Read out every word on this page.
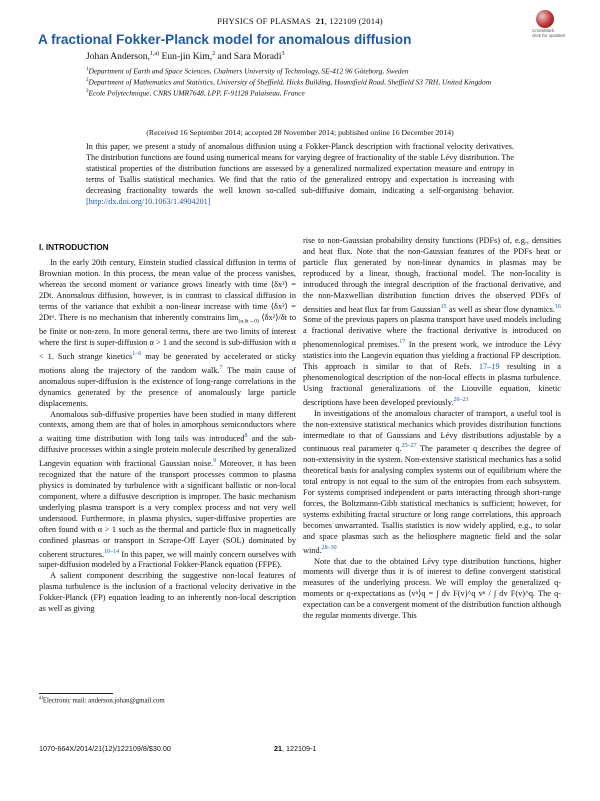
PHYSICS OF PLASMAS 21, 122109 (2014)
CrossMark
click for updates
A fractional Fokker-Planck model for anomalous diffusion
Johan Anderson,$^{1,a)}$ Eun-jin Kim,$^2$ and Sara Moradi$^3$
$^1$Department of Earth and Space Sciences, Chalmers University of Technology, SE-412 96 Göteborg, Sweden
$^2$Department of Mathematics and Statistics, University of Sheffield, Hicks Building, Hounsfield Road, Sheffield S3 7RH, United Kingdom
$^3$Ecole Polytechnique, CNRS UMR7648, LPP, F-91128 Palaiseau, France
(Received 16 September 2014; accepted 28 November 2014; published online 16 December 2014)
In this paper, we present a study of anomalous diffusion using a Fokker-Planck description with fractional velocity derivatives. The distribution functions are found using numerical means for varying degree of fractionality of the stable Lévy distribution. The statistical properties of the distribution functions are assessed by a generalized normalized expectation measure and entropy in terms of Tsallis statistical mechanics. We find that the ratio of the generalized entropy and expectation is increasing with decreasing fractionality towards the well known so-called sub-diffusive domain, indicating a self-organising behavior. [http://dx.doi.org/10.1063/1.4904201]
I. INTRODUCTION

In the early 20th century, Einstein studied classical diffusion in terms of Brownian motion. In this process, the mean value of the process vanishes, whereas the second moment or variance grows linearly with time ⟨δx²⟩ = 2Dt. Anomalous diffusion, however, is in contrast to classical diffusion in terms of the variance that exhibit a non-linear increase with time ⟨δx²⟩ = 2Dtᵅ. There is no mechanism that inherently constrains $\lim_{(\alpha,\delta t\to 0)}$ ⟨δx²⟩/δt to be finite or non-zero. In more general terms, there are two limits of interest where the first is super-diffusion α > 1 and the second is sub-diffusion with α < 1. Such strange kinetics$^{1-6}$ may be generated by accelerated or sticky motions along the trajectory of the random walk.$^7$ The main cause of anomalous super-diffusion is the existence of long-range correlations in the dynamics generated by the presence of anomalously large particle displacements.

Anomalous sub-diffusive properties have been studied in many different contexts, among them are that of holes in amorphous semiconductors where a waiting time distribution with long tails was introduced$^8$ and the sub-diffusive processes within a single protein molecule described by generalized Langevin equation with fractional Gaussian noise.$^9$ Moreover, it has been recognized that the nature of the transport processes common to plasma physics is dominated by turbulence with a significant ballistic or non-local component, where a diffusive description is improper. The basic mechanism underlying plasma transport is a very complex process and not very well understood. Furthermore, in plasma physics, super-diffusive properties are often found with α > 1 such as the thermal and particle flux in magnetically confined plasmas or transport in Scrape-Off Layer (SOL) dominated by coherent structures.$^{10-14}$ In this paper, we will mainly concern ourselves with super-diffusion modeled by a Fractional Fokker-Planck equation (FFPE).

A salient component describing the suggestive non-local features of plasma turbulence is the inclusion of a fractional velocity derivative in the Fokker-Planck (FP) equation leading to an inherently non-local description as well as giving

rise to non-Gaussian probability density functions (PDFs) of, e.g., densities and heat flux. Note that the non-Gaussian features of the PDFs heat or particle flux generated by non-linear dynamics in plasmas may be reproduced by a linear, though, fractional model. The non-locality is introduced through the integral description of the fractional derivative, and the non-Maxwellian distribution function drives the observed PDFs of densities and heat flux far from Gaussian$^{15}$ as well as shear flow dynamics.$^{16}$ Some of the previous papers on plasma transport have used models including a fractional derivative where the fractional derivative is introduced on phenomenological premises.$^{17}$ In the present work, we introduce the Lévy statistics into the Langevin equation thus yielding a fractional FP description. This approach is similar to that of Refs. 17–19 resulting in a phenomenological description of the non-local effects in plasma turbulence. Using fractional generalizations of the Liouville equation, kinetic descriptions have been developed previously.$^{20-23}$

In investigations of the anomalous character of transport, a useful tool is the non-extensive statistical mechanics which provides distribution functions intermediate to that of Gaussians and Lévy distributions adjustable by a continuous real parameter q.$^{25-27}$ The parameter q describes the degree of non-extensivity in the system. Non-extensive statistical mechanics has a solid theoretical basis for analysing complex systems out of equilibrium where the total entropy is not equal to the sum of the entropies from each subsystem. For systems comprised independent or parts interacting through short-range forces, the Boltzmann-Gibb statistical mechanics is sufficient; however, for systems exhibiting fractal structure or long range correlations, this approach becomes unwarranted. Tsallis statistics is now widely applied, e.g., to solar and space plasmas such as the heliosphere magnetic field and the solar wind.$^{28-30}$

Note that due to the obtained Lévy type distribution functions, higher moments will diverge thus it is of interest to define convergent statistical measures of the underlying process. We will employ the generalized q-moments or q-expectations as ⟨vⁿ⟩q = ∫ dv F(v)^q vⁿ / ∫ dv F(v)^q. The q-expectation can be a convergent moment of the distribution function although the regular moments diverge. This

$^{a)}$Electronic mail: anderson.johan@gmail.com
1070-664X/2014/21(12)/122109/8/$30.00	21, 122109-1
